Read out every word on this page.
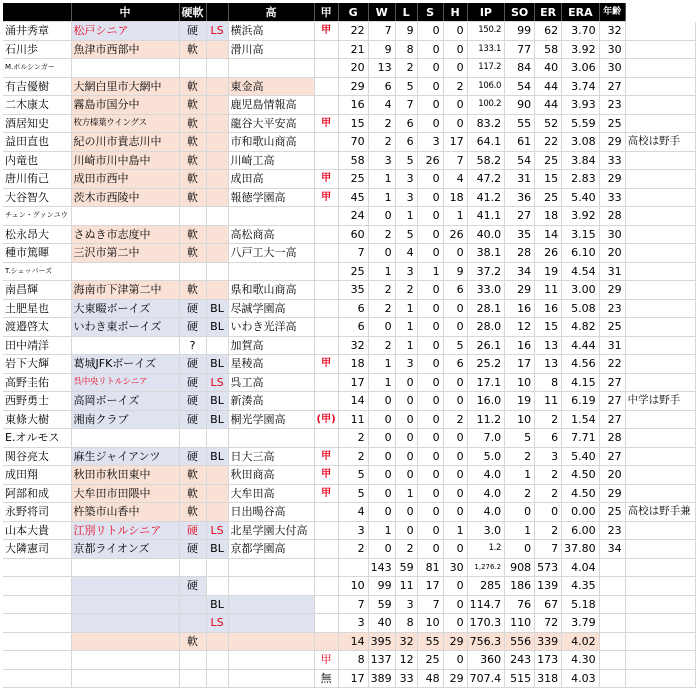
	中	硬軟		高	甲	G	W	L	S	H	IP	SO	ER	ERA	年齢	
涌井秀章	松戸シニア	硬	LS	横浜高	甲	22	7	9	0	0	150.2	99	62	3.70	32	
石川歩	魚津市西部中	軟		滑川高		21	9	8	0	0	133.1	77	58	3.92	30	
M.ボルシンガー						20	13	2	0	0	117.2	84	40	3.06	30	
有吉優樹	大網白里市大網中	軟		東金高		29	6	5	0	2	106.0	54	44	3.74	27	
二木康太	霧島市国分中	軟		鹿児島情報高		16	4	7	0	0	100.2	90	44	3.93	23	
酒居知史	枚方榛葉ウイングス	軟		龍谷大平安高	甲	15	2	6	0	0	83.2	55	52	5.59	25	
益田直也	紀の川市貴志川中	軟		市和歌山商高		70	2	6	3	17	64.1	61	22	3.08	29	高校は野手
内竜也	川崎市川中島中	軟		川崎工高		58	3	5	26	7	58.2	54	25	3.84	33	
唐川侑己	成田市西中	軟		成田高	甲	25	1	3	0	4	47.2	31	15	2.83	29	
大谷智久	茨木市西陵中	軟		報徳学園高	甲	45	1	3	0	18	41.2	36	25	5.40	33	
チェン・グァンユウ						24	0	1	0	1	41.1	27	18	3.92	28	
松永昂大	さぬき市志度中	軟		高松商高		60	2	5	0	26	40.0	35	14	3.15	30	
種市篤暉	三沢市第二中	軟		八戸工大一高		7	0	4	0	0	38.1	28	26	6.10	20	
T.シェッパーズ						25	1	3	1	9	37.2	34	19	4.54	31	
南昌輝	海南市下津第二中	軟		県和歌山商高		35	2	2	0	6	33.0	29	11	3.00	29	
土肥星也	大東畷ボーイズ	硬	BL	尽誠学園高		6	2	1	0	0	28.1	16	16	5.08	23	
渡邉啓太	いわき東ボーイズ	硬	BL	いわき光洋高		6	0	1	0	0	28.0	12	15	4.82	25	
田中靖洋		?		加賀高		32	2	1	0	5	26.1	16	13	4.44	31	
岩下大輝	葛城JFKボーイズ	硬	BL	星稜高	甲	18	1	3	0	6	25.2	17	13	4.56	22	
高野圭佑	呉中央リトルシニア	硬	LS	呉工高		17	1	0	0	0	17.1	10	8	4.15	27	
西野勇士	高岡ボーイズ	硬	BL	新湊高		14	0	0	0	0	16.0	19	11	6.19	27	中学は野手
東條大樹	湘南クラブ	硬	BL	桐光学園高	(甲)	11	0	0	0	2	11.2	10	2	1.54	27	
E.オルモス						2	0	0	0	0	7.0	5	6	7.71	28	
関谷亮太	麻生ジャイアンツ	硬	BL	日大三高	甲	2	0	0	0	0	5.0	2	3	5.40	27	
成田翔	秋田市秋田東中	軟		秋田商高	甲	5	0	0	0	0	4.0	1	2	4.50	20	
阿部和成	大牟田市田隈中	軟		大牟田高	甲	5	0	1	0	0	4.0	2	2	4.50	29	
永野将司	杵築市山香中	軟		日出暘谷高		4	0	0	0	0	4.0	0	0	0.00	25	高校は野手兼
山本大貴	江別リトルシニア	硬	LS	北星学園大付高		3	1	0	0	1	3.0	1	2	6.00	23	
大隣憲司	京都ライオンズ	硬	BL	京都学園高		2	0	2	0	0	1.2	0	7	37.80	34	
							143	59	81	30	1,276.2	908	573	4.04		
		硬				10	99	11	17	0	285	186	139	4.35		
			BL			7	59	3	7	0	114.7	76	67	5.18		
			LS			3	40	8	10	0	170.3	110	72	3.79		
		軟				14	395	32	55	29	756.3	556	339	4.02		
					甲	8	137	12	25	0	360	243	173	4.30		
					無	17	389	33	48	29	707.4	515	318	4.03		
